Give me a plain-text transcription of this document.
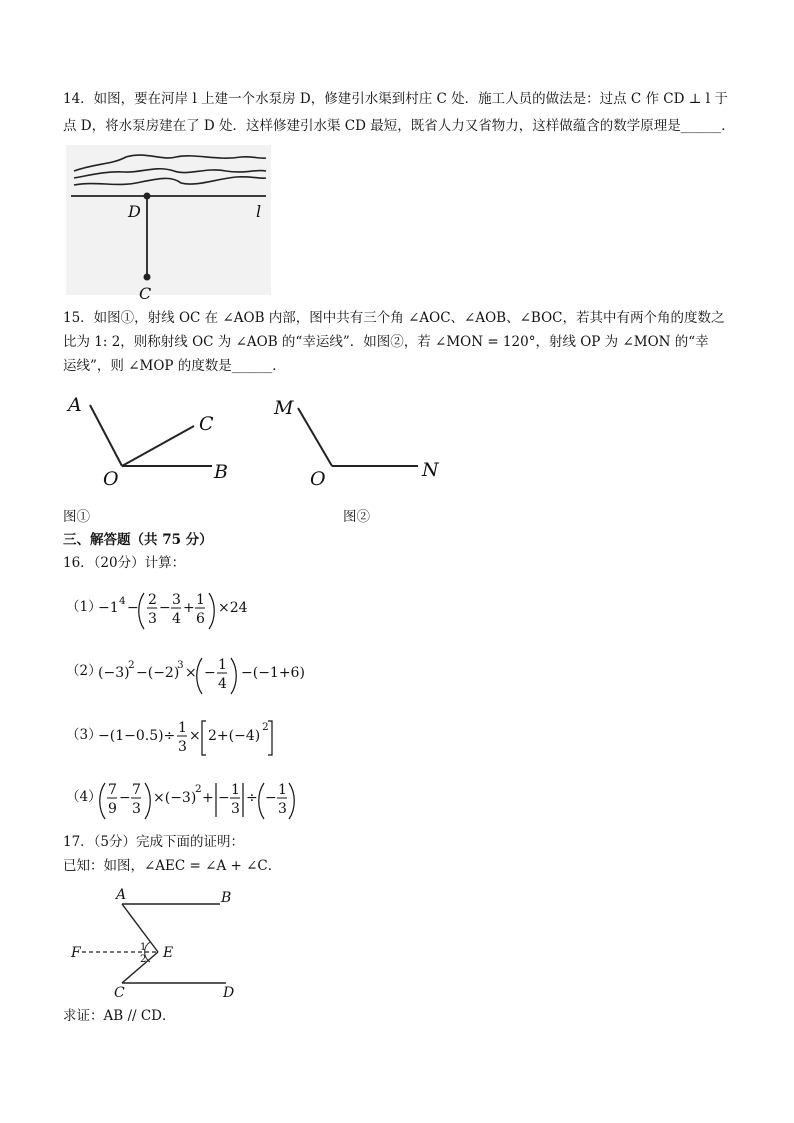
14．如图，要在河岸 l 上建一个水泵房 D，修建引水渠到村庄 C 处．施工人员的做法是：过点 C 作 CD ⊥ l 于
点 D，将水泵房建在了 D 处．这样修建引水渠 CD 最短，既省人力又省物力，这样做蕴含的数学原理是______．
D	l
C
15．如图①，射线 OC 在 ∠AOB 内部，图中共有三个角 ∠AOC、∠AOB、∠BOC，若其中有两个角的度数之
比为 1: 2，则称射线 OC 为 ∠AOB 的“幸运线”．如图②，若 ∠MON = 120°，射线 OP 为 ∠MON 的“幸
运线”，则 ∠MOP 的度数是______．
A
C
O	B
M
O	N
图①	图②
三、解答题（共 75 分）
16．（20分）计算：
（1）
−1 4 − 2
3
− 3
4
+ 1
6
×24
（2）
(−3)
2 −(−2)
3 × − 1
4
−(−1+6)
（3）
−(1−0.5)÷ 1
3
× 2+(−4)
2
（4） 7
9
− 7
3
×(−3)
2
+ − 1
3
÷ − 1
3
17．（5分）完成下面的证明：
已知：如图，∠AEC = ∠A + ∠C．
A	B
F	E
1
2
C	D
求证：AB // CD．
